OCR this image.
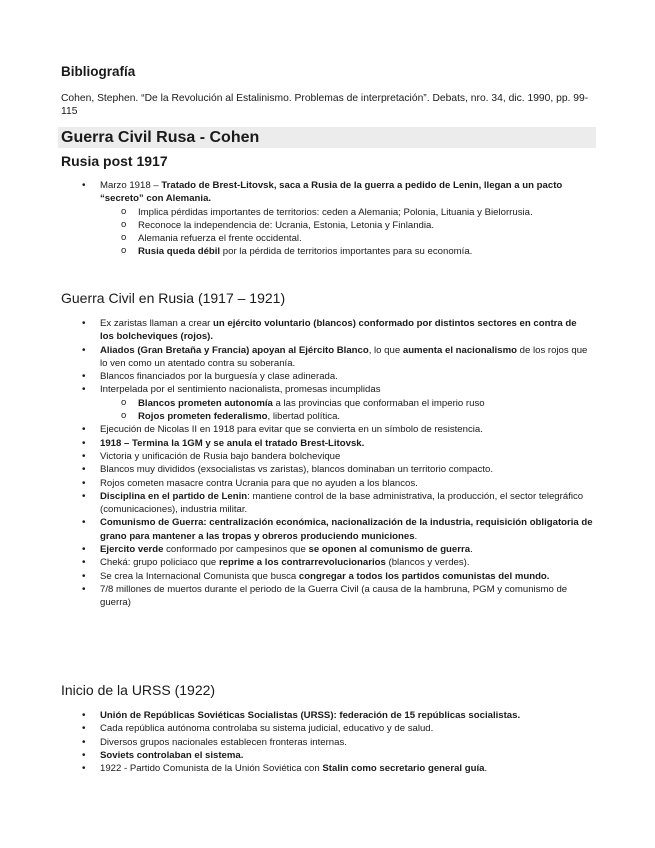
Bibliografía

Cohen, Stephen. “De la Revolución al Estalinismo. Problemas de interpretación”. Debats, nro. 34, dic. 1990, pp. 99-115

Guerra Civil Rusa - Cohen
Rusia post 1917
• Marzo 1918 – Tratado de Brest-Litovsk, saca a Rusia de la guerra a pedido de Lenin, llegan a un pacto “secreto” con Alemania.
o Implica pérdidas importantes de territorios: ceden a Alemania; Polonia, Lituania y Bielorrusia.
o Reconoce la independencia de: Ucrania, Estonia, Letonia y Finlandia.
o Alemania refuerza el frente occidental.
o Rusia queda débil por la pérdida de territorios importantes para su economía.
Guerra Civil en Rusia (1917 – 1921)
• Ex zaristas llaman a crear un ejército voluntario (blancos) conformado por distintos sectores en contra de los bolcheviques (rojos).
• Aliados (Gran Bretaña y Francia) apoyan al Ejército Blanco, lo que aumenta el nacionalismo de los rojos que lo ven como un atentado contra su soberanía.
• Blancos financiados por la burguesía y clase adinerada.
• Interpelada por el sentimiento nacionalista, promesas incumplidas
o Blancos prometen autonomía a las provincias que conformaban el imperio ruso
o Rojos prometen federalismo, libertad política.
• Ejecución de Nicolas II en 1918 para evitar que se convierta en un símbolo de resistencia.
• 1918 – Termina la 1GM y se anula el tratado Brest-Litovsk.
• Victoria y unificación de Rusia bajo bandera bolchevique
• Blancos muy divididos (exsocialistas vs zaristas), blancos dominaban un territorio compacto.
• Rojos cometen masacre contra Ucrania para que no ayuden a los blancos.
• Disciplina en el partido de Lenin: mantiene control de la base administrativa, la producción, el sector telegráfico (comunicaciones), industria militar.
• Comunismo de Guerra: centralización económica, nacionalización de la industria, requisición obligatoria de grano para mantener a las tropas y obreros produciendo municiones.
• Ejercito verde conformado por campesinos que se oponen al comunismo de guerra.
• Cheká: grupo policiaco que reprime a los contrarrevolucionarios (blancos y verdes).
• Se crea la Internacional Comunista que busca congregar a todos los partidos comunistas del mundo.
• 7/8 millones de muertos durante el periodo de la Guerra Civil (a causa de la hambruna, PGM y comunismo de guerra)
Inicio de la URSS (1922)
• Unión de Repúblicas Soviéticas Socialistas (URSS): federación de 15 repúblicas socialistas.
• Cada república autónoma controlaba su sistema judicial, educativo y de salud.
• Diversos grupos nacionales establecen fronteras internas.
• Soviets controlaban el sistema.
• 1922 - Partido Comunista de la Unión Soviética con Stalin como secretario general guía.
